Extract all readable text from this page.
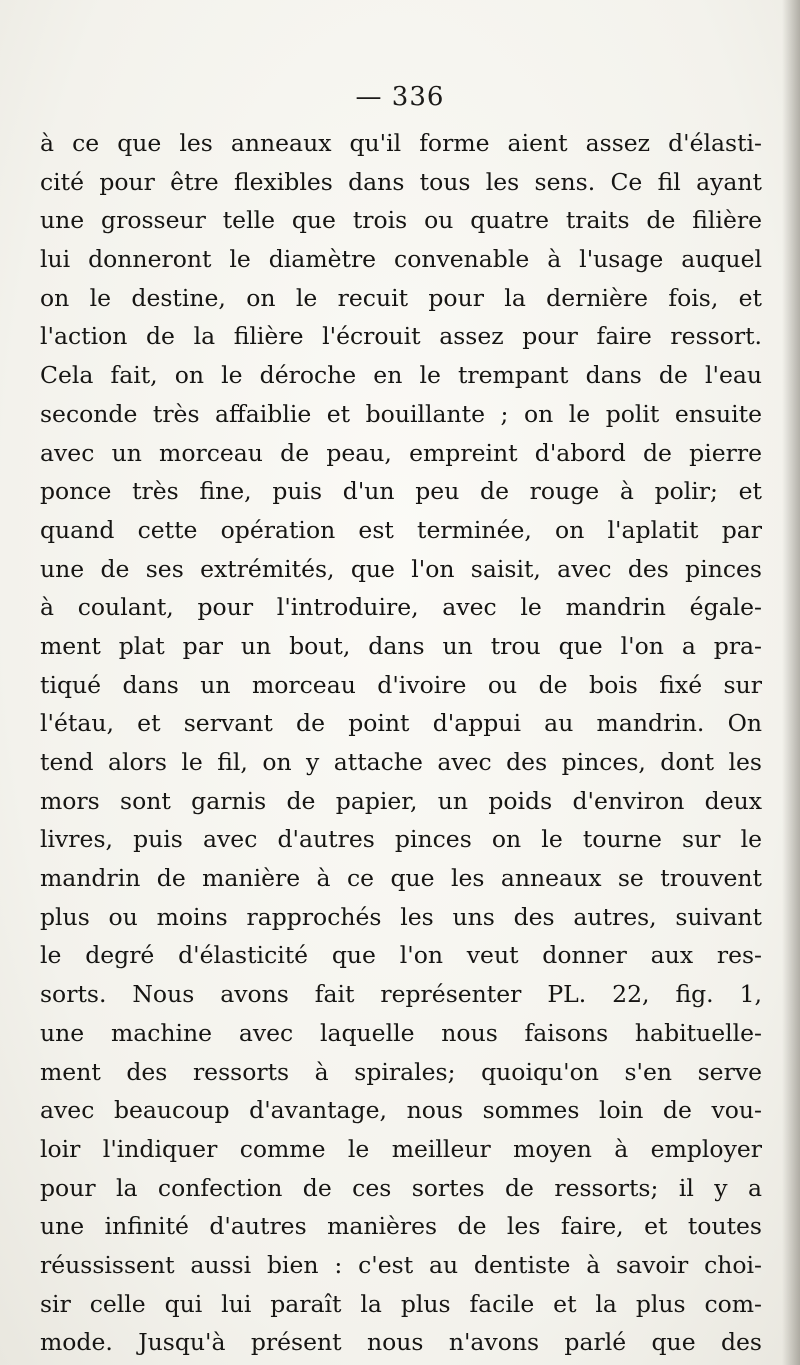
— 336
à ce que les anneaux qu'il forme aient assez d'élasti-
cité pour être flexibles dans tous les sens. Ce fil ayant
une grosseur telle que trois ou quatre traits de filière
lui donneront le diamètre convenable à l'usage auquel
on le destine, on le recuit pour la dernière fois, et
l'action de la filière l'écrouit assez pour faire ressort.
Cela fait, on le déroche en le trempant dans de l'eau
seconde très affaiblie et bouillante ; on le polit ensuite
avec un morceau de peau, empreint d'abord de pierre
ponce très fine, puis d'un peu de rouge à polir; et
quand cette opération est terminée, on l'aplatit par
une de ses extrémités, que l'on saisit, avec des pinces
à coulant, pour l'introduire, avec le mandrin égale-
ment plat par un bout, dans un trou que l'on a pra-
tiqué dans un morceau d'ivoire ou de bois fixé sur
l'étau, et servant de point d'appui au mandrin. On
tend alors le fil, on y attache avec des pinces, dont les
mors sont garnis de papier, un poids d'environ deux
livres, puis avec d'autres pinces on le tourne sur le
mandrin de manière à ce que les anneaux se trouvent
plus ou moins rapprochés les uns des autres, suivant
le degré d'élasticité que l'on veut donner aux res-
sorts. Nous avons fait représenter PL. 22, fig. 1,
une machine avec laquelle nous faisons habituelle-
ment des ressorts à spirales; quoiqu'on s'en serve
avec beaucoup d'avantage, nous sommes loin de vou-
loir l'indiquer comme le meilleur moyen à employer
pour la confection de ces sortes de ressorts; il y a
une infinité d'autres manières de les faire, et toutes
réussissent aussi bien : c'est au dentiste à savoir choi-
sir celle qui lui paraît la plus facile et la plus com-
mode. Jusqu'à présent nous n'avons parlé que des
